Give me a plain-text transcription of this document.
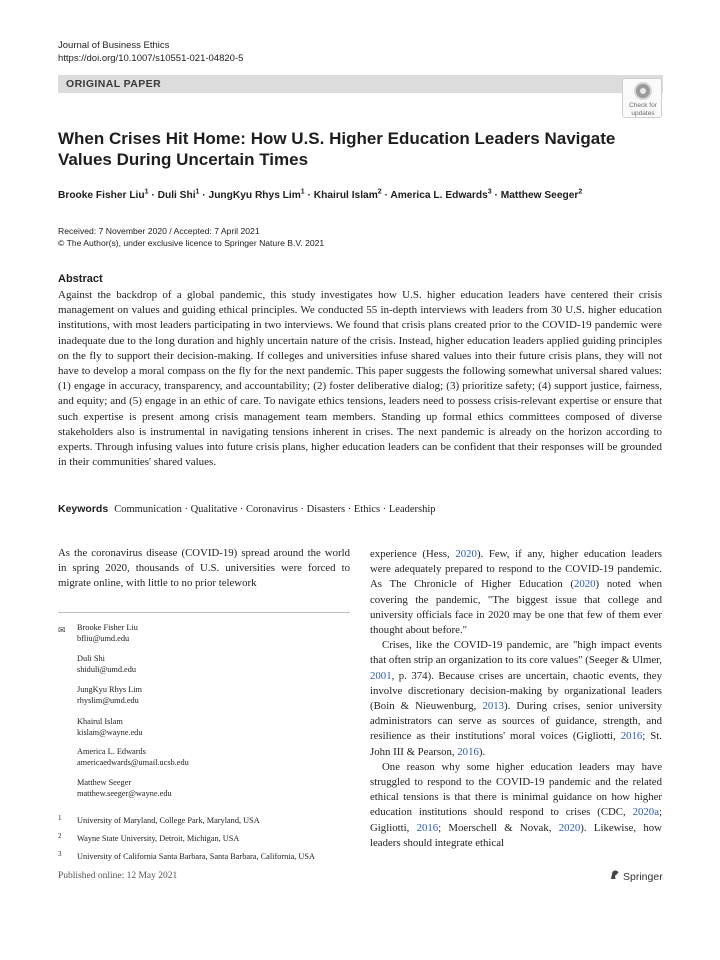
Journal of Business Ethics
https://doi.org/10.1007/s10551-021-04820-5
ORIGINAL PAPER
Check for updates
When Crises Hit Home: How U.S. Higher Education Leaders Navigate Values During Uncertain Times
Brooke Fisher Liu$^1$ · Duli Shi$^1$ · JungKyu Rhys Lim$^1$ · Khairul Islam$^2$ · America L. Edwards$^3$ · Matthew Seeger$^2$
Received: 7 November 2020 / Accepted: 7 April 2021
© The Author(s), under exclusive licence to Springer Nature B.V. 2021
Abstract
Against the backdrop of a global pandemic, this study investigates how U.S. higher education leaders have centered their crisis management on values and guiding ethical principles. We conducted 55 in-depth interviews with leaders from 30 U.S. higher education institutions, with most leaders participating in two interviews. We found that crisis plans created prior to the COVID-19 pandemic were inadequate due to the long duration and highly uncertain nature of the crisis. Instead, higher education leaders applied guiding principles on the fly to support their decision-making. If colleges and universities infuse shared values into their future crisis plans, they will not have to develop a moral compass on the fly for the next pandemic. This paper suggests the following somewhat universal shared values: (1) engage in accuracy, transparency, and accountability; (2) foster deliberative dialog; (3) prioritize safety; (4) support justice, fairness, and equity; and (5) engage in an ethic of care. To navigate ethics tensions, leaders need to possess crisis-relevant expertise or ensure that such expertise is present among crisis management team members. Standing up formal ethics committees composed of diverse stakeholders also is instrumental in navigating tensions inherent in crises. The next pandemic is already on the horizon according to experts. Through infusing values into future crisis plans, higher education leaders can be confident that their responses will be grounded in their communities' shared values.
Keywords Communication · Qualitative · Coronavirus · Disasters · Ethics · Leadership

As the coronavirus disease (COVID-19) spread around the world in spring 2020, thousands of U.S. universities were forced to migrate online, with little to no prior telework

experience (Hess, 2020). Few, if any, higher education leaders were adequately prepared to respond to the COVID-19 pandemic. As The Chronicle of Higher Education (2020) noted when covering the pandemic, "The biggest issue that college and university officials face in 2020 may be one that few of them ever thought about before."

Crises, like the COVID-19 pandemic, are "high impact events that often strip an organization to its core values" (Seeger & Ulmer, 2001, p. 374). Because crises are uncertain, chaotic events, they involve discretionary decision-making by organizational leaders (Boin & Nieuwenburg, 2013). During crises, senior university administrators can serve as sources of guidance, strength, and resilience as their institutions' moral voices (Gigliotti, 2016; St. John III & Pearson, 2016).

One reason why some higher education leaders may have struggled to respond to the COVID-19 pandemic and the related ethical tensions is that there is minimal guidance on how higher education institutions should respond to crises (CDC, 2020a; Gigliotti, 2016; Moerschell & Novak, 2020). Likewise, how leaders should integrate ethical

✉ Brooke Fisher Liu
bfliu@umd.edu
Duli Shi
shiduli@umd.edu
JungKyu Rhys Lim
rhyslim@umd.edu
Khairul Islam
kislam@wayne.edu
America L. Edwards
americaedwards@umail.ucsb.edu
Matthew Seeger
matthew.seeger@wayne.edu
1 University of Maryland, College Park, Maryland, USA
2 Wayne State University, Detroit, Michigan, USA
3 University of California Santa Barbara, Santa Barbara, California, USA
Published online: 12 May 2021	Springer
